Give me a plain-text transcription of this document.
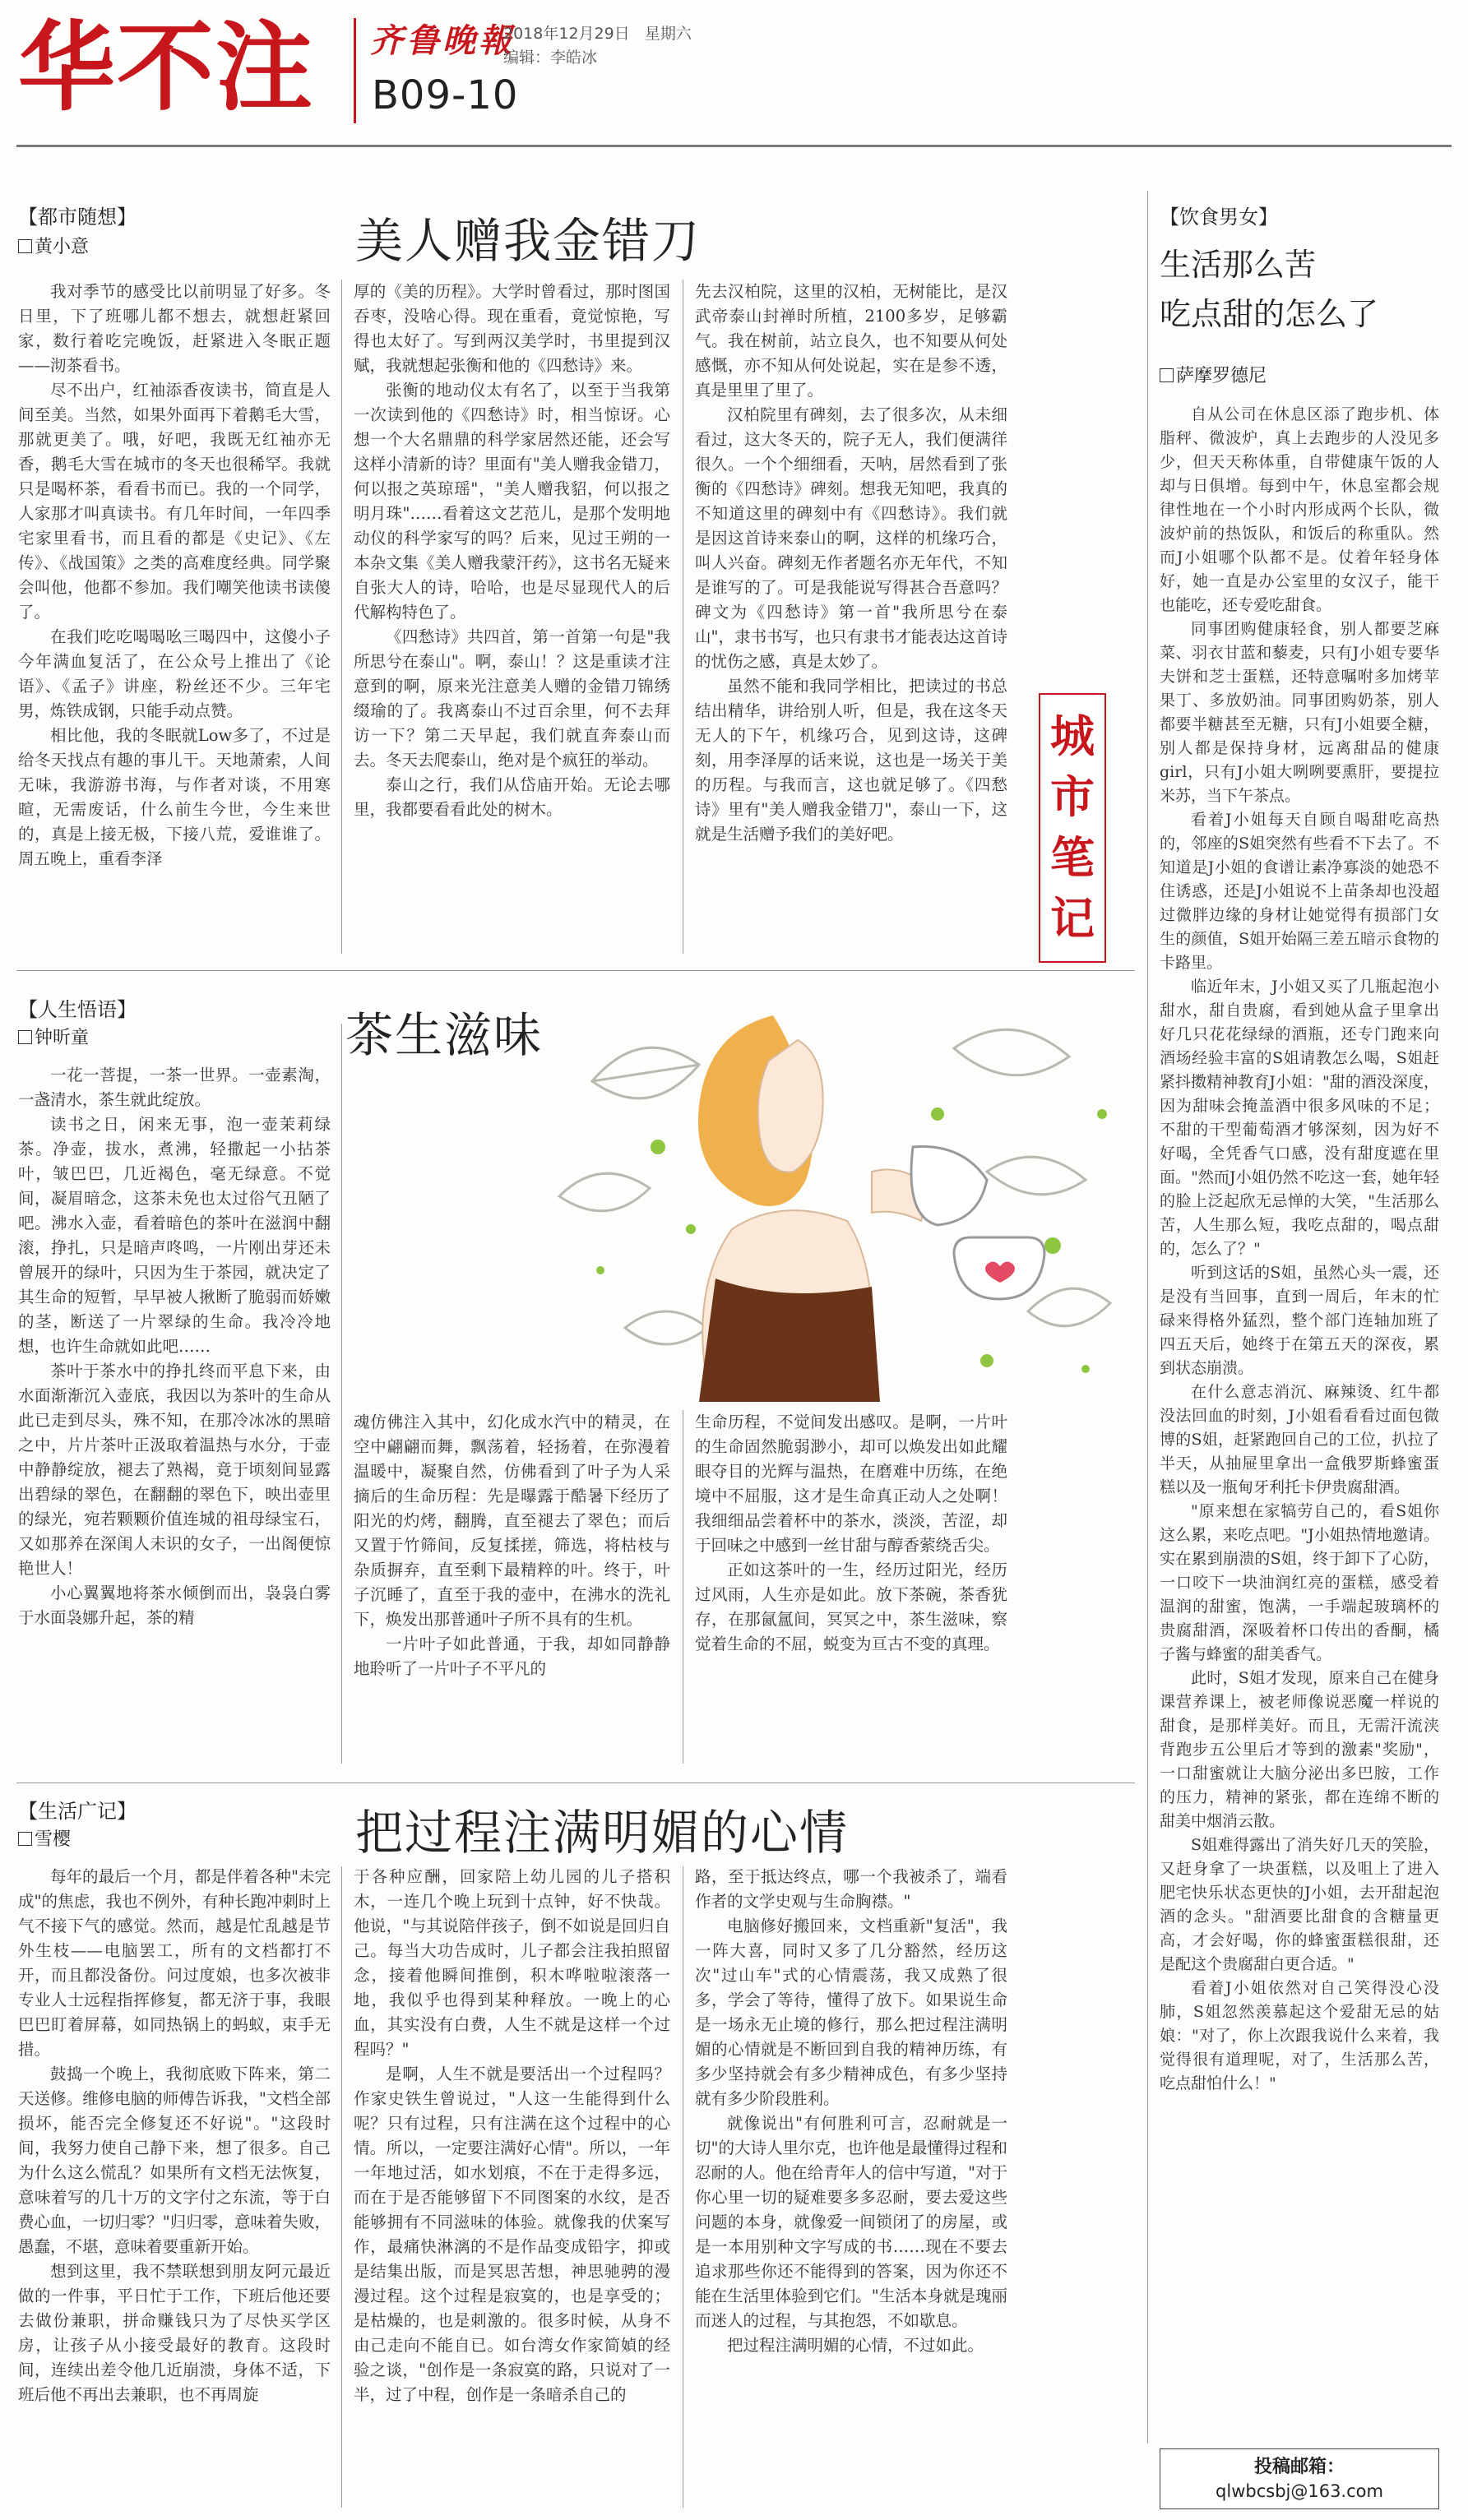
华不注 齐鲁晚報
2018年12月29日 星期六
编辑：李皓冰
B09-10
【都市随想】
黄小意	美人赠我金错刀

我对季节的感受比以前明显了好多。冬日里，下了班哪儿都不想去，就想赶紧回家，数行着吃完晚饭，赶紧进入冬眠正题——沏茶看书。

尽不出户，红袖添香夜读书，简直是人间至美。当然，如果外面再下着鹅毛大雪，那就更美了。哦，好吧，我既无红袖亦无香，鹅毛大雪在城市的冬天也很稀罕。我就只是喝杯茶，看看书而已。我的一个同学，人家那才叫真读书。有几年时间，一年四季宅家里看书，而且看的都是《史记》、《左传》、《战国策》之类的高难度经典。同学聚会叫他，他都不参加。我们嘲笑他读书读傻了。

在我们吃吃喝喝吆三喝四中，这傻小子今年满血复活了，在公众号上推出了《论语》、《孟子》讲座，粉丝还不少。三年宅男，炼铁成钢，只能手动点赞。

相比他，我的冬眠就Low多了，不过是给冬天找点有趣的事儿干。天地萧索，人间无味，我游游书海，与作者对谈，不用寒暄，无需废话，什么前生今世，今生来世的，真是上接无极，下接八荒，爱谁谁了。周五晚上，重看李泽

厚的《美的历程》。大学时曾看过，那时图国吞枣，没啥心得。现在重看，竟觉惊艳，写得也太好了。写到两汉美学时，书里提到汉赋，我就想起张衡和他的《四愁诗》来。

张衡的地动仪太有名了，以至于当我第一次读到他的《四愁诗》时，相当惊讶。心想一个大名鼎鼎的科学家居然还能，还会写这样小清新的诗？里面有"美人赠我金错刀，何以报之英琼瑶"，"美人赠我貂，何以报之明月珠"……看着这文艺范儿，是那个发明地动仪的科学家写的吗？后来，见过王朔的一本杂文集《美人赠我蒙汗药》，这书名无疑来自张大人的诗，哈哈，也是尽显现代人的后代解构特色了。

《四愁诗》共四首，第一首第一句是"我所思兮在泰山"。啊，泰山！？这是重读才注意到的啊，原来光注意美人赠的金错刀锦绣缀瑜的了。我离泰山不过百余里，何不去拜访一下？第二天早起，我们就直奔泰山而去。冬天去爬泰山，绝对是个疯狂的举动。

泰山之行，我们从岱庙开始。无论去哪里，我都要看看此处的树木。

先去汉柏院，这里的汉柏，无树能比，是汉武帝泰山封禅时所植，2100多岁，足够霸气。我在树前，站立良久，也不知要从何处感慨，亦不知从何处说起，实在是参不透，真是里里了里了。

汉柏院里有碑刻，去了很多次，从未细看过，这大冬天的，院子无人，我们便满徉很久。一个个细细看，天呐，居然看到了张衡的《四愁诗》碑刻。想我无知吧，我真的不知道这里的碑刻中有《四愁诗》。我们就是因这首诗来泰山的啊，这样的机缘巧合，叫人兴奋。碑刻无作者题名亦无年代，不知是谁写的了。可是我能说写得甚合吾意吗？碑文为《四愁诗》第一首"我所思兮在泰山"，隶书书写，也只有隶书才能表达这首诗的忧伤之感，真是太妙了。

虽然不能和我同学相比，把读过的书总结出精华，讲给别人听，但是，我在这冬天无人的下午，机缘巧合，见到这诗，这碑刻，用李泽厚的话来说，这也是一场关于美的历程。与我而言，这也就足够了。《四愁诗》里有"美人赠我金错刀"，泰山一下，这就是生活赠予我们的美好吧。

城市笔记
【人生悟语】
钟昕童	茶生滋味

一花一菩提，一茶一世界。一壶素淘，一盏清水，茶生就此绽放。

读书之日，闲来无事，泡一壶茉莉绿茶。净壶，拔水，煮沸，轻撒起一小拈茶叶，皱巴巴，几近褐色，毫无绿意。不觉间，凝眉暗念，这茶未免也太过俗气丑陋了吧。沸水入壶，看着暗色的茶叶在滋润中翻滚，挣扎，只是暗声咚鸣，一片刚出芽还未曾展开的绿叶，只因为生于茶园，就决定了其生命的短暂，早早被人揪断了脆弱而娇嫩的茎，断送了一片翠绿的生命。我冷冷地想，也许生命就如此吧……

茶叶于茶水中的挣扎终而平息下来，由水面渐渐沉入壶底，我因以为茶叶的生命从此已走到尽头，殊不知，在那冷冰冰的黑暗之中，片片茶叶正汲取着温热与水分，于壶中静静绽放，褪去了熟褐，竟于顷刻间显露出碧绿的翠色，在翻翻的翠色下，映出壶里的绿光，宛若颗颗价值连城的祖母绿宝石，又如那养在深闺人未识的女子，一出阁便惊艳世人！

小心翼翼地将茶水倾倒而出，袅袅白雾于水面袅娜升起，茶的精

魂仿佛注入其中，幻化成水汽中的精灵，在空中翩翩而舞，飘荡着，轻扬着，在弥漫着温暖中，凝聚自然，仿佛看到了叶子为人采摘后的生命历程：先是曝露于酷暑下经历了阳光的灼烤，翻腾，直至褪去了翠色；而后又置于竹筛间，反复揉搓，筛选，将枯枝与杂质摒弃，直至剩下最精粹的叶。终于，叶子沉睡了，直至于我的壶中，在沸水的洗礼下，焕发出那普通叶子所不具有的生机。

一片叶子如此普通，于我，却如同静静地聆听了一片叶子不平凡的

生命历程，不觉间发出感叹。是啊，一片叶的生命固然脆弱渺小，却可以焕发出如此耀眼夺目的光辉与温热，在磨难中历练，在绝境中不屈服，这才是生命真正动人之处啊！我细细品尝着杯中的茶水，淡淡，苦涩，却于回味之中感到一丝甘甜与醇香萦绕舌尖。

正如这茶叶的一生，经历过阳光，经历过风雨，人生亦是如此。放下茶碗，茶香犹存，在那氤氲间，冥冥之中，茶生滋味，察觉着生命的不屈，蜕变为亘古不变的真理。

【生活广记】
雪樱	把过程注满明媚的心情

每年的最后一个月，都是伴着各种"未完成"的焦虑，我也不例外，有种长跑冲刺时上气不接下气的感觉。然而，越是忙乱越是节外生枝——电脑罢工，所有的文档都打不开，而且都没备份。问过度娘，也多次被非专业人士远程指挥修复，都无济于事，我眼巴巴盯着屏幕，如同热锅上的蚂蚁，束手无措。

鼓捣一个晚上，我彻底败下阵来，第二天送修。维修电脑的师傅告诉我，"文档全部损坏，能否完全修复还不好说"。"这段时间，我努力使自己静下来，想了很多。自己为什么这么慌乱？如果所有文档无法恢复，意味着写的几十万的文字付之东流，等于白费心血，一切归零？"归归零，意味着失败，愚蠢，不堪，意味着要重新开始。

想到这里，我不禁联想到朋友阿元最近做的一件事，平日忙于工作，下班后他还要去做份兼职，拼命赚钱只为了尽快买学区房，让孩子从小接受最好的教育。这段时间，连续出差令他几近崩溃，身体不适，下班后他不再出去兼职，也不再周旋

于各种应酬，回家陪上幼儿园的儿子搭积木，一连几个晚上玩到十点钟，好不快哉。他说，"与其说陪伴孩子，倒不如说是回归自己。每当大功告成时，儿子都会注我拍照留念，接着他瞬间推倒，积木哗啦啦滚落一地，我似乎也得到某种释放。一晚上的心血，其实没有白费，人生不就是这样一个过程吗？"

是啊，人生不就是要活出一个过程吗？作家史铁生曾说过，"人这一生能得到什么呢？只有过程，只有注满在这个过程中的心情。所以，一定要注满好心情"。所以，一年一年地过活，如水划痕，不在于走得多远，而在于是否能够留下不同图案的水纹，是否能够拥有不同滋味的体验。就像我的伏案写作，最痛快淋漓的不是作品变成铅字，抑或是结集出版，而是冥思苦想，神思驰骋的漫漫过程。这个过程是寂寞的，也是享受的；是枯燥的，也是刺激的。很多时候，从身不由己走向不能自已。如台湾女作家简媜的经验之谈，"创作是一条寂寞的路，只说对了一半，过了中程，创作是一条暗杀自己的

路，至于抵达终点，哪一个我被杀了，端看作者的文学史观与生命胸襟。"

电脑修好搬回来，文档重新"复活"，我一阵大喜，同时又多了几分豁然，经历这次"过山车"式的心情震荡，我又成熟了很多，学会了等待，懂得了放下。如果说生命是一场永无止境的修行，那么把过程注满明媚的心情就是不断回到自我的精神历练，有多少坚持就会有多少精神成色，有多少坚持就有多少阶段胜利。

就像说出"有何胜利可言，忍耐就是一切"的大诗人里尔克，也许他是最懂得过程和忍耐的人。他在给青年人的信中写道，"对于你心里一切的疑难要多多忍耐，要去爱这些问题的本身，就像爱一间锁闭了的房屋，或是一本用别种文字写成的书……现在不要去追求那些你还不能得到的答案，因为你还不能在生活里体验到它们。"生活本身就是瑰丽而迷人的过程，与其抱怨，不如歇息。

把过程注满明媚的心情，不过如此。

【饮食男女】
生活那么苦
吃点甜的怎么了
萨摩罗德尼

自从公司在休息区添了跑步机、体脂秤、微波炉，真上去跑步的人没见多少，但天天称体重，自带健康午饭的人却与日俱增。每到中午，休息室都会规律性地在一个小时内形成两个长队，微波炉前的热饭队，和饭后的称重队。然而J小姐哪个队都不是。仗着年轻身体好，她一直是办公室里的女汉子，能干也能吃，还专爱吃甜食。

同事团购健康轻食，别人都要芝麻菜、羽衣甘蓝和藜麦，只有J小姐专要华夫饼和芝士蛋糕，还特意嘱咐多加烤苹果丁、多放奶油。同事团购奶茶，别人都要半糖甚至无糖，只有J小姐要全糖，别人都是保持身材，远离甜品的健康girl，只有J小姐大咧咧要熏肝，要提拉米苏，当下午茶点。

看着J小姐每天自顾自喝甜吃高热的，邻座的S姐突然有些看不下去了。不知道是J小姐的食谱让素净寡淡的她恐不住诱惑，还是J小姐说不上苗条却也没超过微胖边缘的身材让她觉得有损部门女生的颜值，S姐开始隔三差五暗示食物的卡路里。

临近年末，J小姐又买了几瓶起泡小甜水，甜自贵腐，看到她从盒子里拿出好几只花花绿绿的酒瓶，还专门跑来向酒场经验丰富的S姐请教怎么喝，S姐赶紧抖擞精神教育J小姐："甜的酒没深度，因为甜味会掩盖酒中很多风味的不足；不甜的干型葡萄酒才够深刻，因为好不好喝，全凭香气口感，没有甜度遮在里面。"然而J小姐仍然不吃这一套，她年轻的脸上泛起欣无忌惮的大笑，"生活那么苦，人生那么短，我吃点甜的，喝点甜的，怎么了？"

听到这话的S姐，虽然心头一震，还是没有当回事，直到一周后，年末的忙碌来得格外猛烈，整个部门连轴加班了四五天后，她终于在第五天的深夜，累到状态崩溃。

在什么意志消沉、麻辣烫、红牛都没法回血的时刻，J小姐看看看过面包微博的S姐，赶紧跑回自己的工位，扒拉了半天，从抽屉里拿出一盒俄罗斯蜂蜜蛋糕以及一瓶甸牙利托卡伊贵腐甜酒。

"原来想在家犒劳自己的，看S姐你这么累，来吃点吧。"J小姐热情地邀请。实在累到崩溃的S姐，终于卸下了心防，一口咬下一块油润红亮的蛋糕，感受着温润的甜蜜，饱满，一手端起玻璃杯的贵腐甜酒，深吸着杯口传出的香酮，橘子酱与蜂蜜的甜美香气。

此时，S姐才发现，原来自己在健身课营养课上，被老师像说恶魔一样说的甜食，是那样美好。而且，无需汗流浃背跑步五公里后才等到的激素"奖励"，一口甜蜜就让大脑分泌出多巴胺，工作的压力，精神的紧张，都在连绵不断的甜美中烟消云散。

S姐难得露出了消失好几天的笑脸，又赶身拿了一块蛋糕，以及咀上了进入肥宅快乐状态更快的J小姐，去开甜起泡酒的念头。"甜酒要比甜食的含糖量更高，才会好喝，你的蜂蜜蛋糕很甜，还是配这个贵腐甜白更合适。"

看着J小姐依然对自己笑得没心没肺，S姐忽然羡慕起这个爱甜无忌的姑娘："对了，你上次跟我说什么来着，我觉得很有道理呢，对了，生活那么苦，吃点甜怕什么！"

投稿邮箱：
qlwbcsbj@163.com
